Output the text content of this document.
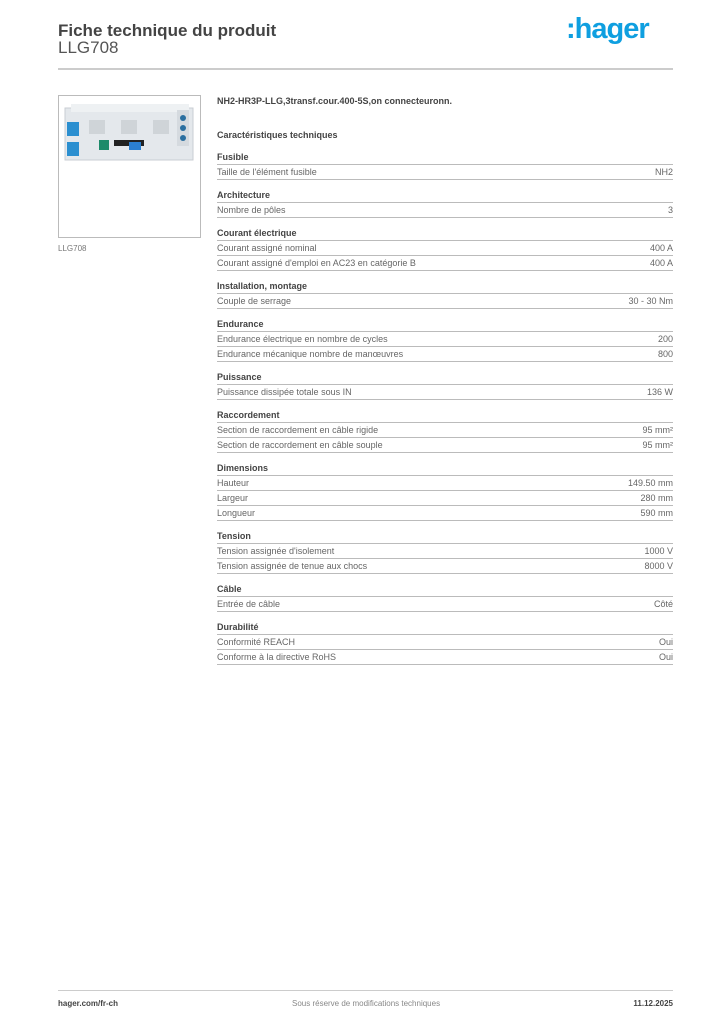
Fiche technique du produit
LLG708
:hager
LLG708
NH2-HR3P-LLG,3transf.cour.400-5S,on connecteuronn.
Caractéristiques techniques
Fusible
Taille de l'élément fusible	NH2
Architecture
Nombre de pôles	3
Courant électrique
Courant assigné nominal	400 A
Courant assigné d'emploi en AC23 en catégorie B	400 A
Installation, montage
Couple de serrage	30 - 30 Nm
Endurance
Endurance électrique en nombre de cycles	200
Endurance mécanique nombre de manœuvres	800
Puissance
Puissance dissipée totale sous IN	136 W
Raccordement
Section de raccordement en câble rigide	95 mm²
Section de raccordement en câble souple	95 mm²
Dimensions
Hauteur	149.50 mm
Largeur	280 mm
Longueur	590 mm
Tension
Tension assignée d'isolement	1000 V
Tension assignée de tenue aux chocs	8000 V
Câble
Entrée de câble	Côté
Durabilité
Conformité REACH	Oui
Conforme à la directive RoHS	Oui
hager.com/fr-ch	Sous réserve de modifications techniques	11.12.2025
